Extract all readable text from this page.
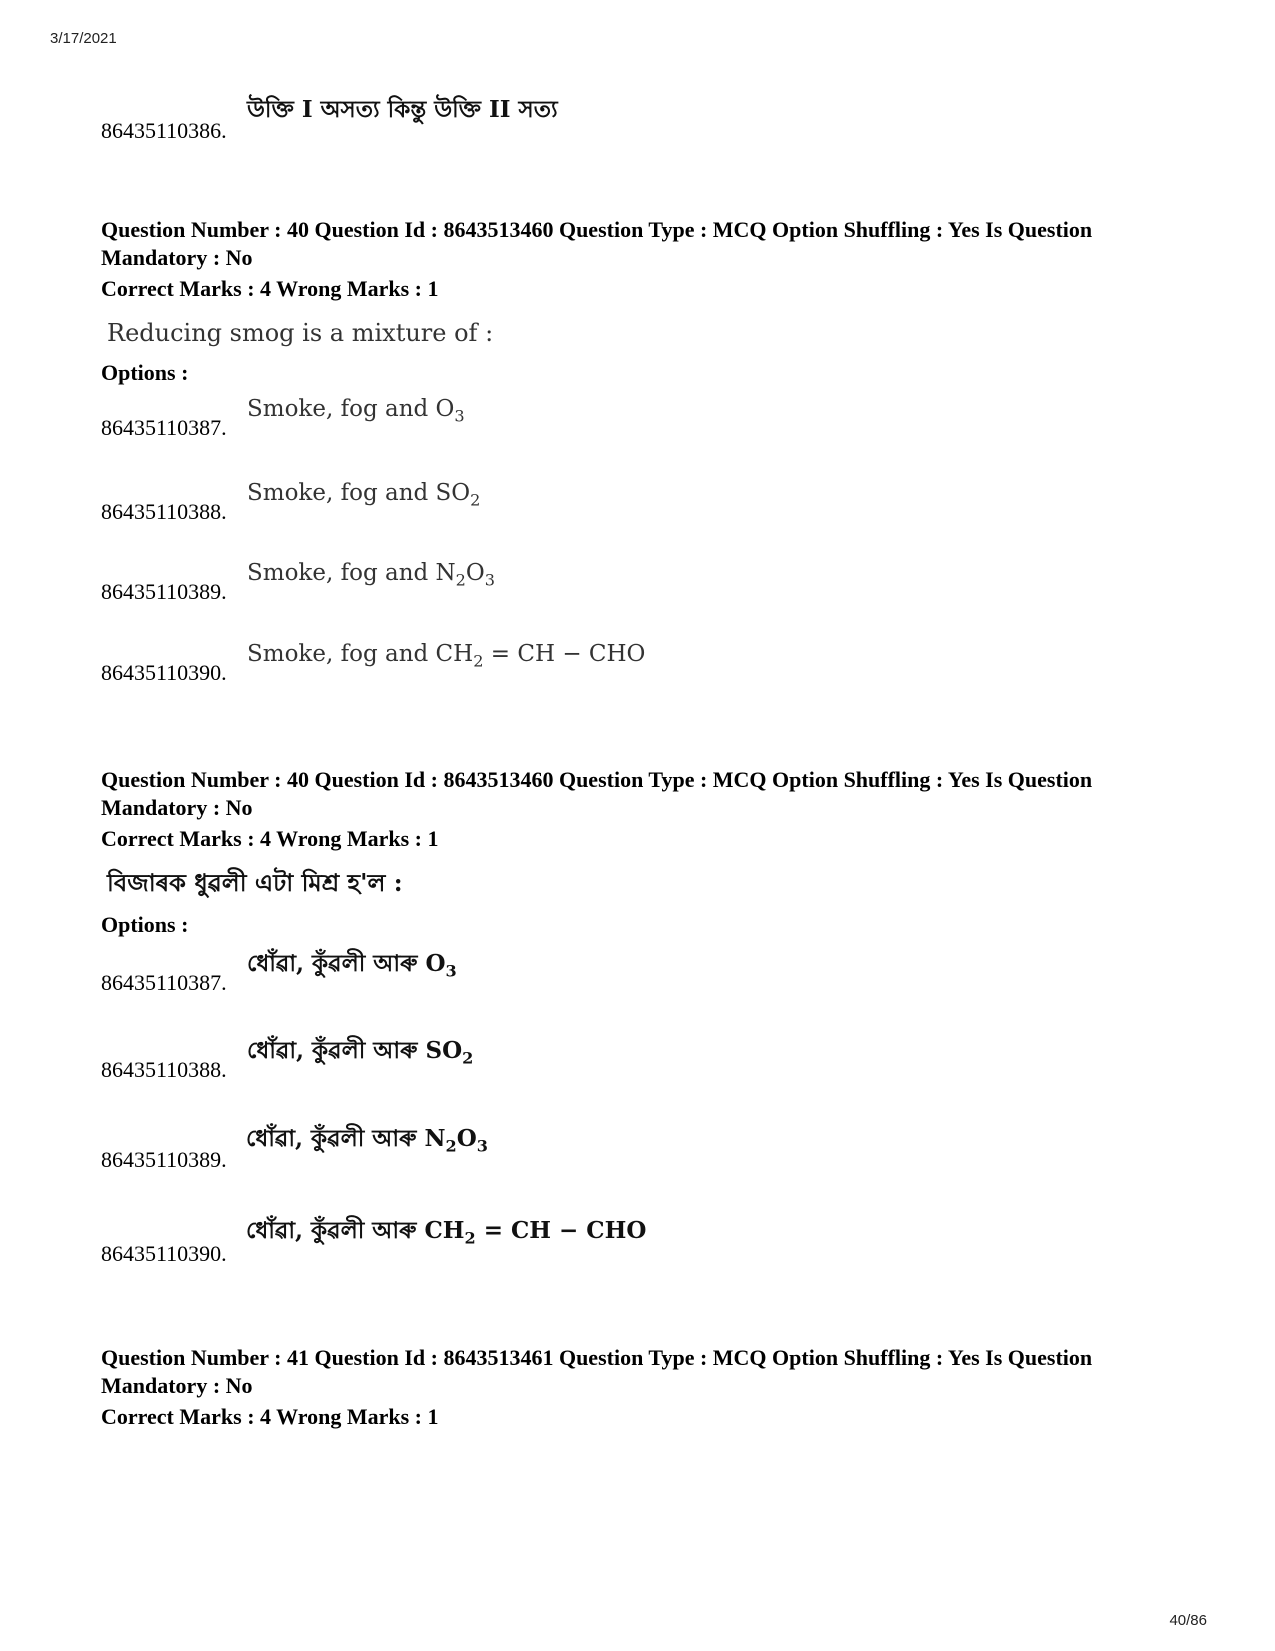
3/17/2021
86435110386.
উক্তি I অসত্য কিন্তু উক্তি II সত্য
Question Number : 40 Question Id : 8643513460 Question Type : MCQ Option Shuffling : Yes Is Question Mandatory : No
Correct Marks : 4 Wrong Marks : 1
Reducing smog is a mixture of :
Options :
86435110387.
Smoke, fog and $O_3$
86435110388.
Smoke, fog and $SO_2$
86435110389.
Smoke, fog and $N_2O_3$
86435110390.
Smoke, fog and $CH_2$ = CH − CHO
Question Number : 40 Question Id : 8643513460 Question Type : MCQ Option Shuffling : Yes Is Question Mandatory : No
Correct Marks : 4 Wrong Marks : 1
বিজাৰক ধুৱলী এটা মিশ্ৰ হ'ল :
Options :
86435110387.
ধোঁৱা, কুঁৱলী আৰু $O_3$
86435110388.
ধোঁৱা, কুঁৱলী আৰু $SO_2$
86435110389.
ধোঁৱা, কুঁৱলী আৰু $N_2O_3$
86435110390.
ধোঁৱা, কুঁৱলী আৰু $CH_2$ = CH − CHO
Question Number : 41 Question Id : 8643513461 Question Type : MCQ Option Shuffling : Yes Is Question Mandatory : No
Correct Marks : 4 Wrong Marks : 1
40/86
